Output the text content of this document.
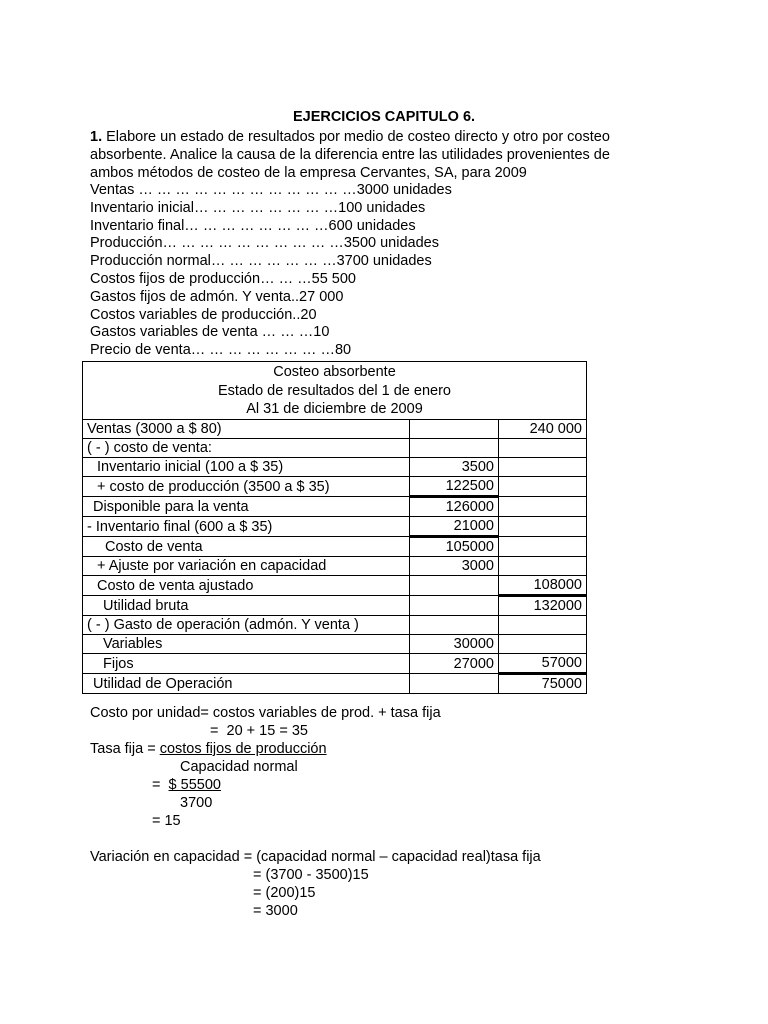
EJERCICIOS CAPITULO 6.
1. Elabore un estado de resultados por medio de costeo directo y otro por costeo absorbente. Analice la causa de la diferencia entre las utilidades provenientes de ambos métodos de costeo de la empresa Cervantes, SA, para 2009
Ventas … … … … … … … … … … … …3000 unidades
Inventario inicial… … … … … … … …100 unidades
Inventario final… … … … … … … …600 unidades
Producción… … … … … … … … … …3500 unidades
Producción normal… … … … … … …3700 unidades
Costos fijos de producción… … …55 500
Gastos fijos de admón. Y venta..27 000
Costos variables de producción..20
Gastos variables de venta … … …10
Precio de venta… … … … … … … …80
Costeo absorbente
Estado de resultados del 1 de enero
Al 31 de diciembre de 2009		

Ventas (3000 a $ 80)		240 000
( - ) costo de venta:		
Inventario inicial (100 a $ 35)	3500	
+ costo de producción (3500 a $ 35)	122500	
Disponible para la venta	126000	
- Inventario final (600 a $ 35)	21000	
Costo de venta	105000	
+ Ajuste por variación en capacidad	3000	
Costo de venta ajustado		108000
Utilidad bruta		132000
( - ) Gasto de operación (admón. Y venta )		
Variables	30000	
Fijos	27000	57000
Utilidad de Operación		75000
Costo por unidad= costos variables de prod. + tasa fija
=  20 + 15 = 35
Tasa fija = costos fijos de producción
Capacidad normal
=  $ 55500
3700
= 15
Variación en capacidad = (capacidad normal – capacidad real)tasa fija
= (3700 - 3500)15
= (200)15
= 3000
